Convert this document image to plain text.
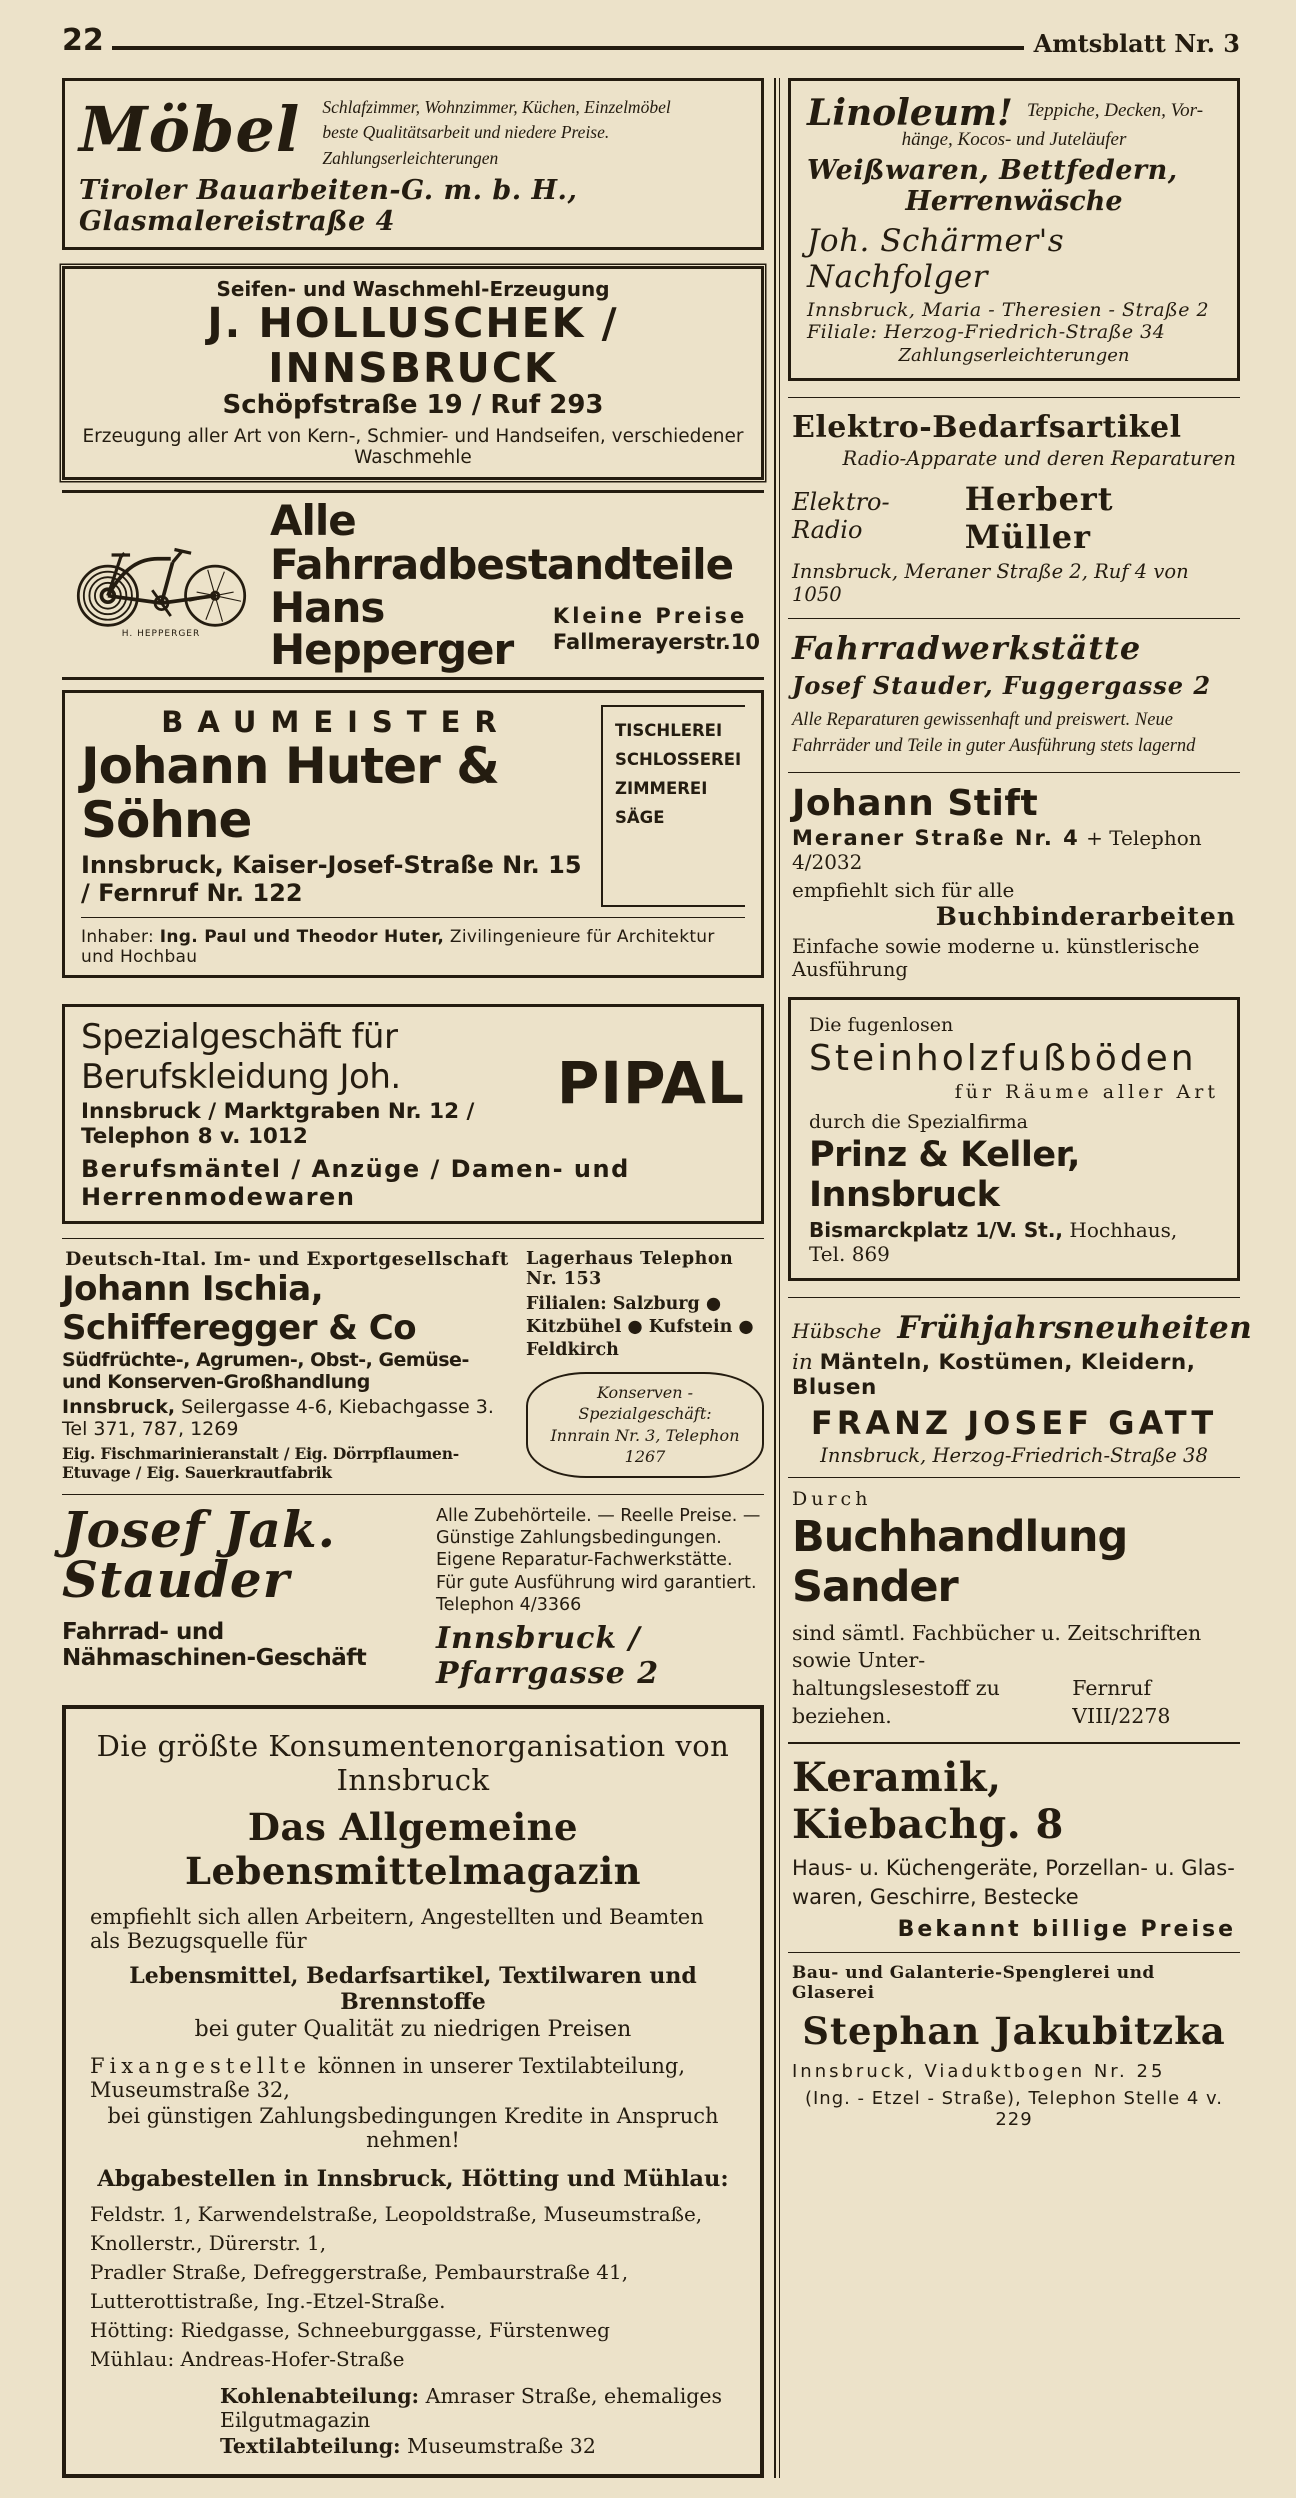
22	Amtsblatt Nr. 3
Möbel Schlafzimmer, Wohnzimmer, Küchen, Einzelmöbel
beste Qualitätsarbeit und niedere Preise. Zahlungserleichterungen
Tiroler Bauarbeiten-G. m. b. H., Glasmalereistraße 4
Seifen- und Waschmehl-Erzeugung
J. HOLLUSCHEK / INNSBRUCK
Schöpfstraße 19 / Ruf 293
Erzeugung aller Art von Kern-, Schmier- und Handseifen, verschiedener Waschmehle
H. HEPPERGER
Alle Fahrradbestandteile
Hans Hepperger
Kleine Preise
Fallmerayerstr.10
BAUMEISTER
Johann Huter & Söhne
Innsbruck, Kaiser-Josef-Straße Nr. 15 / Fernruf Nr. 122
TISCHLEREI
SCHLOSSEREI
ZIMMEREI
SÄGE
Inhaber: Ing. Paul und Theodor Huter, Zivilingenieure für Architektur und Hochbau
Spezialgeschäft für Berufskleidung Joh.
Innsbruck / Marktgraben Nr. 12 / Telephon 8 v. 1012
PIPAL
Berufsmäntel / Anzüge / Damen- und Herrenmodewaren
Deutsch-Ital. Im- und Exportgesellschaft
Johann Ischia, Schifferegger & Co
Südfrüchte-, Agrumen-, Obst-, Gemüse- und Konserven-Großhandlung
Innsbruck, Seilergasse 4-6, Kiebachgasse 3. Tel 371, 787, 1269
Eig. Fischmarinieranstalt / Eig. Dörrpflaumen-Etuvage / Eig. Sauerkrautfabrik
Lagerhaus Telephon Nr. 153
Filialen: Salzburg ● Kitzbühel ● Kufstein ● Feldkirch
Konserven - Spezialgeschäft:
Innrain Nr. 3, Telephon 1267
Josef Jak. Stauder
Fahrrad- und Nähmaschinen-Geschäft
Alle Zubehörteile. — Reelle Preise. — Günstige Zahlungsbedingungen. Eigene Reparatur-Fachwerkstätte. Für gute Ausführung wird garantiert. Telephon 4/3366
Innsbruck / Pfarrgasse 2
Die größte Konsumentenorganisation von Innsbruck
Das Allgemeine Lebensmittelmagazin
empfiehlt sich allen Arbeitern, Angestellten und Beamten als Bezugsquelle für
Lebensmittel, Bedarfsartikel, Textilwaren und Brennstoffe
bei guter Qualität zu niedrigen Preisen
Fixangestellte können in unserer Textilabteilung, Museumstraße 32,
bei günstigen Zahlungsbedingungen Kredite in Anspruch nehmen!
Abgabestellen in Innsbruck, Hötting und Mühlau:
Feldstr. 1, Karwendelstraße, Leopoldstraße, Museumstraße, Knollerstr., Dürerstr. 1,
Pradler Straße, Defreggerstraße, Pembaurstraße 41, Lutterottistraße, Ing.-Etzel-Straße.
Hötting: Riedgasse, Schneeburggasse, Fürstenweg
Mühlau: Andreas-Hofer-Straße
Kohlenabteilung: Amraser Straße, ehemaliges Eilgutmagazin
Textilabteilung: Museumstraße 32
Linoleum! Teppiche, Decken, Vor-
hänge, Kocos- und Juteläufer
Weißwaren, Bettfedern,
Herrenwäsche
Joh. Schärmer's Nachfolger
Innsbruck, Maria - Theresien - Straße 2
Filiale: Herzog-Friedrich-Straße 34
Zahlungserleichterungen
Elektro-Bedarfsartikel
Radio-Apparate und deren Reparaturen
Elektro-Radio
Herbert Müller
Innsbruck, Meraner Straße 2, Ruf 4 von 1050
Fahrradwerkstätte
Josef Stauder, Fuggergasse 2
Alle Reparaturen gewissenhaft und preiswert. Neue Fahrräder und Teile in guter Ausführung stets lagernd
Johann Stift
Meraner Straße Nr. 4 + Telephon 4/2032
empfiehlt sich für alle
Buchbinderarbeiten
Einfache sowie moderne u. künstlerische Ausführung
Die fugenlosen
Steinholzfußböden
für Räume aller Art
durch die Spezialfirma
Prinz & Keller, Innsbruck
Bismarckplatz 1/V. St., Hochhaus, Tel. 869
Hübsche Frühjahrsneuheiten
in Mänteln, Kostümen, Kleidern, Blusen
FRANZ JOSEF GATT
Innsbruck, Herzog-Friedrich-Straße 38
Durch
Buchhandlung Sander
sind sämtl. Fachbücher u. Zeitschriften sowie Unter-
haltungslesestoff zu beziehen.
Fernruf VIII/2278
Keramik, Kiebachg. 8
Haus- u. Küchengeräte, Porzellan- u. Glas-
waren, Geschirre, Bestecke
Bekannt billige Preise
Bau- und Galanterie-Spenglerei und Glaserei
Stephan Jakubitzka
Innsbruck, Viaduktbogen Nr. 25
(Ing. - Etzel - Straße), Telephon Stelle 4 v. 229
